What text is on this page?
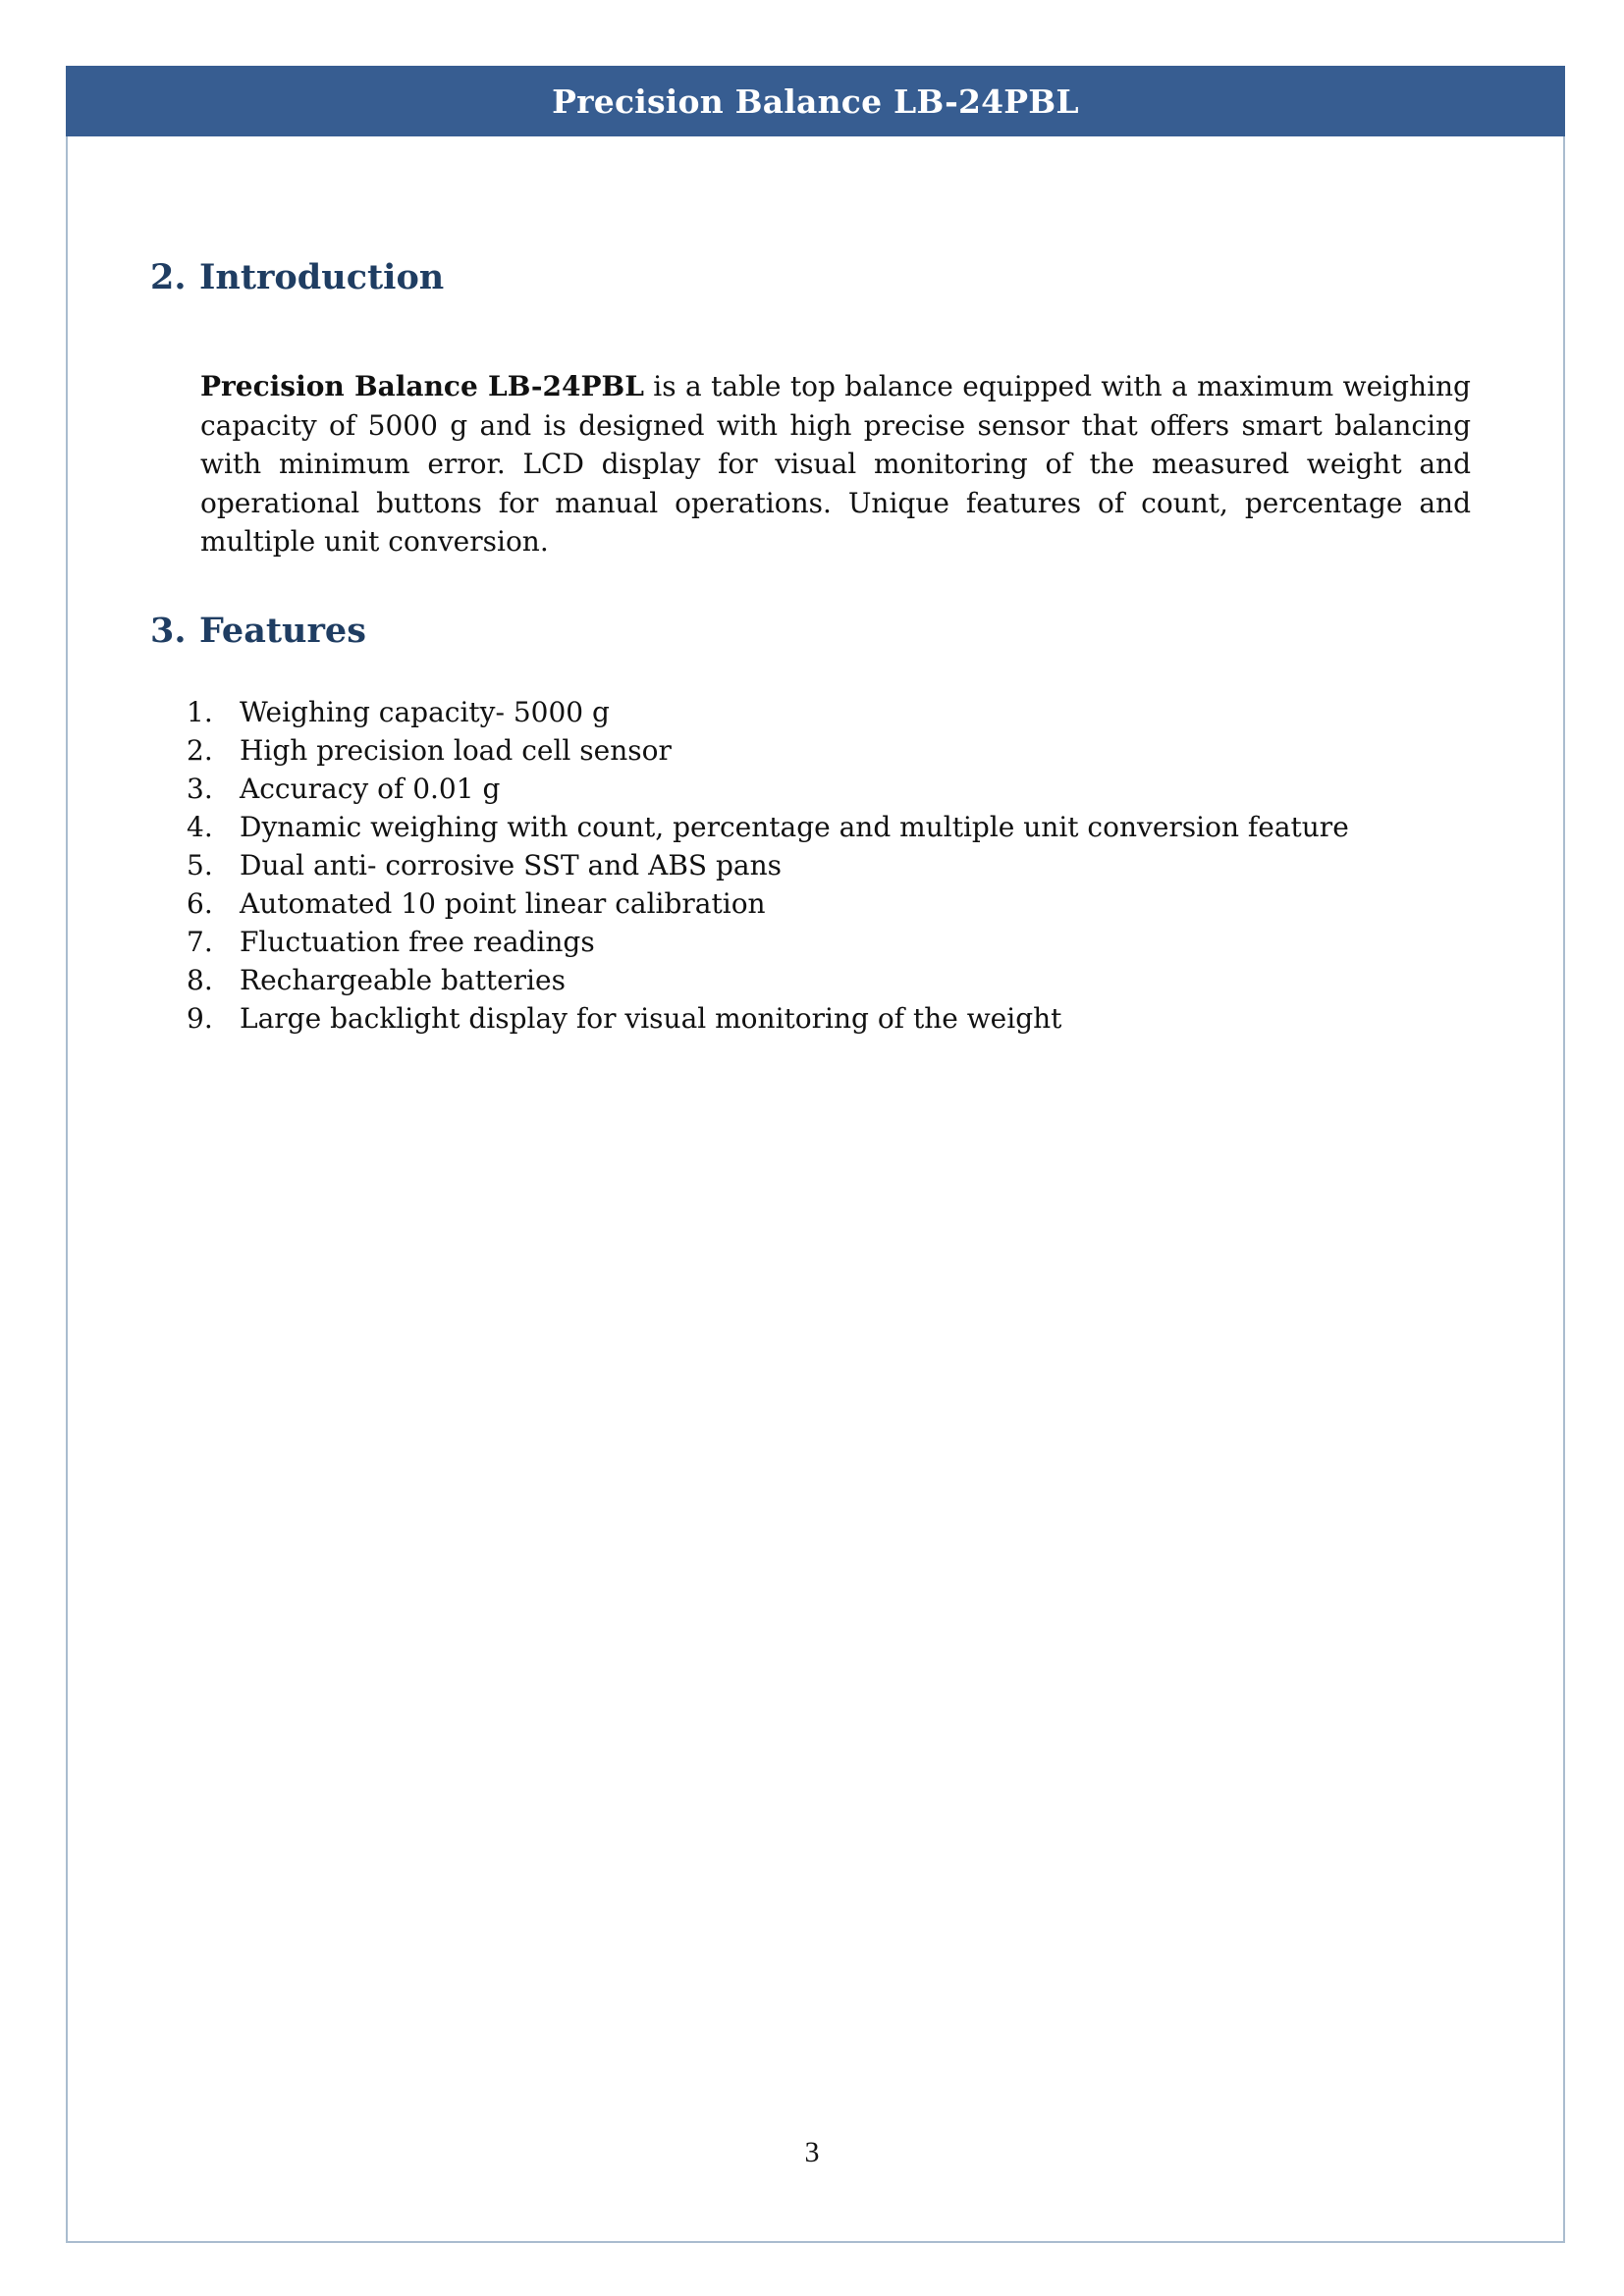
Precision Balance LB-24PBL
2. Introduction

Precision Balance LB-24PBL is a table top balance equipped with a maximum weighing capacity of 5000 g and is designed with high precise sensor that offers smart balancing with minimum error. LCD display for visual monitoring of the measured weight and operational buttons for manual operations. Unique features of count, percentage and multiple unit conversion.

3. Features
1. Weighing capacity- 5000 g
2. High precision load cell sensor
3. Accuracy of 0.01 g
4. Dynamic weighing with count, percentage and multiple unit conversion feature
5. Dual anti- corrosive SST and ABS pans
6. Automated 10 point linear calibration
7. Fluctuation free readings
8. Rechargeable batteries
9. Large backlight display for visual monitoring of the weight
3
